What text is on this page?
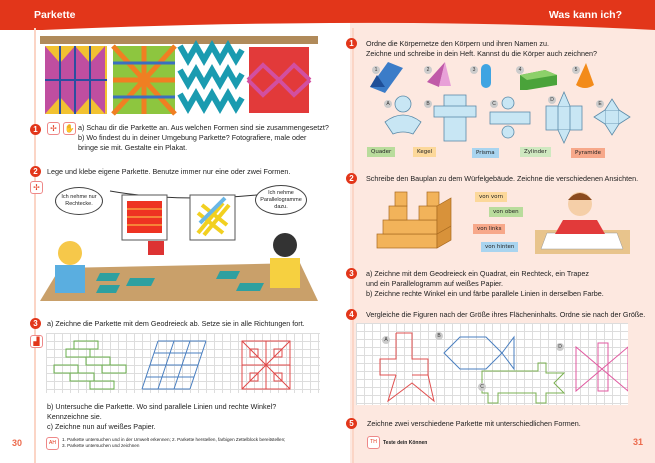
Parkette	Was kann ich?
1	✢ ✋ a) Schau dir die Parkette an. Aus welchen Formen sind sie zusammengesetzt?
b) Wo findest du in deiner Umgebung Parkette? Fotografiere, male oder
bringe sie mit. Gestalte ein Plakat.
2	Lege und klebe eigene Parkette. Benutze immer nur eine oder zwei Formen.
✢
Ich nehme nur Rechtecke.
Ich nehme Parallelogramme dazu.
3	a) Zeichne die Parkette mit dem Geodreieck ab. Setze sie in alle Richtungen fort.
▟
b) Untersuche die Parkette. Wo sind parallele Linien und rechte Winkel?
Kennzeichne sie.
c) Zeichne nun auf weißes Papier.
30	AH
1. Parkette untersuchen und in der Umwelt erkennen; 2. Parkette herstellen, farbigen Zettelblock bereitstellen;
3. Parkette untersuchen und zeichnen
1	Ordne die Körpernetze den Körpern und ihren Namen zu.
Zeichne und schreibe in dein Heft. Kannst du die Körper auch zeichnen?
1	2	3	4	5
A	B	C
D
E
Quader	Kegel	Prisma	Zylinder	Pyramide
2	Schreibe den Bauplan zu dem Würfelgebäude. Zeichne die verschiedenen Ansichten.
von vorn
von oben
von links
von hinten
3	a) Zeichne mit dem Geodreieck ein Quadrat, ein Rechteck, ein Trapez
und ein Parallelogramm auf weißes Papier.
b) Zeichne rechte Winkel ein und färbe parallele Linien in derselben Farbe.
4	Vergleiche die Figuren nach der Größe ihres Flächeninhalts. Ordne sie nach der Größe.
A
B
C
D
5	Zeichne zwei verschiedene Parkette mit unterschiedlichen Formen.
TH	Teste dein Können	31
